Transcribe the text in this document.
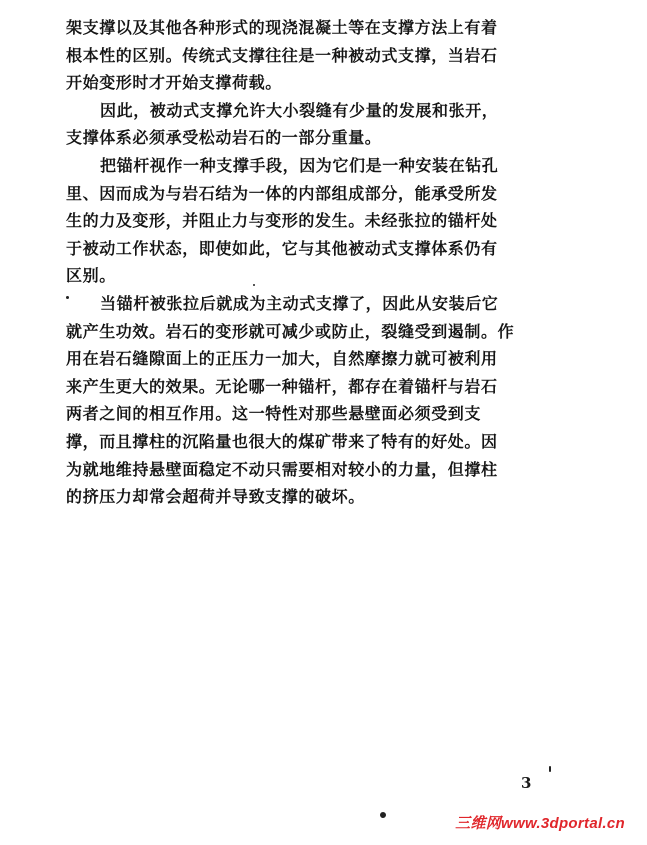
架支撑以及其他各种形式的现浇混凝土等在支撑方法上有着
根本性的区别。传统式支撑往往是一种被动式支撑，当岩石
开始变形时才开始支撑荷载。
因此，被动式支撑允许大小裂缝有少量的发展和张开，
支撑体系必须承受松动岩石的一部分重量。
把锚杆视作一种支撑手段，因为它们是一种安装在钻孔
里、因而成为与岩石结为一体的内部组成部分，能承受所发
生的力及变形，并阻止力与变形的发生。未经张拉的锚杆处
于被动工作状态，即使如此，它与其他被动式支撑体系仍有
区别。
当锚杆被张拉后就成为主动式支撑了，因此从安装后它
就产生功效。岩石的变形就可减少或防止，裂缝受到遏制。作
用在岩石缝隙面上的正压力一加大，自然摩擦力就可被利用
来产生更大的效果。无论哪一种锚杆，都存在着锚杆与岩石
两者之间的相互作用。这一特性对那些悬壁面必须受到支
撑，而且撑柱的沉陷量也很大的煤矿带来了特有的好处。因
为就地维持悬壁面稳定不动只需要相对较小的力量，但撑柱
的挤压力却常会超荷并导致支撑的破坏。
3
三维网www.3dportal.cn
